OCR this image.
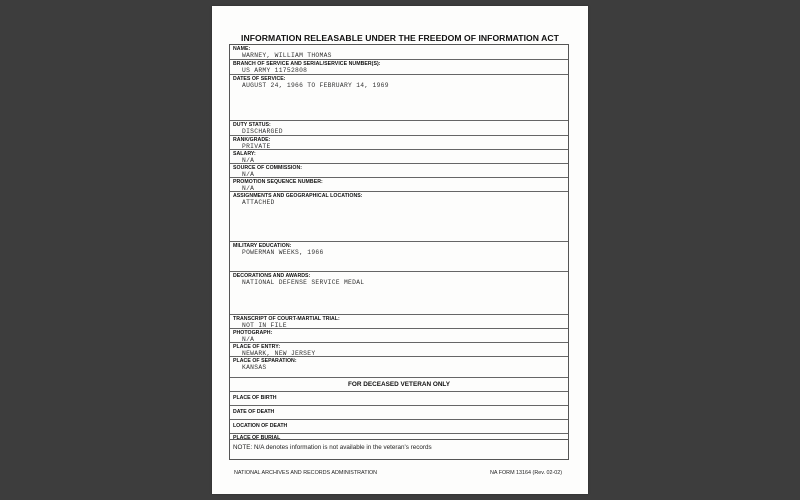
INFORMATION RELEASABLE UNDER THE FREEDOM OF INFORMATION ACT
NAME:
WARNEY, WILLIAM THOMAS
BRANCH OF SERVICE AND SERIAL/SERVICE NUMBER(S):
US ARMY 11752808
DATES OF SERVICE:
AUGUST 24, 1966 TO FEBRUARY 14, 1969
DUTY STATUS:
DISCHARGED
RANK/GRADE:
PRIVATE
SALARY:
N/A
SOURCE OF COMMISSION:
N/A
PROMOTION SEQUENCE NUMBER:
N/A
ASSIGNMENTS AND GEOGRAPHICAL LOCATIONS:
ATTACHED
MILITARY EDUCATION:
POWERMAN WEEKS, 1966
DECORATIONS AND AWARDS:
NATIONAL DEFENSE SERVICE MEDAL
TRANSCRIPT OF COURT-MARTIAL TRIAL:
NOT IN FILE
PHOTOGRAPH:
N/A
PLACE OF ENTRY:
NEWARK, NEW JERSEY
PLACE OF SEPARATION:
KANSAS
FOR DECEASED VETERAN ONLY
PLACE OF BIRTH
DATE OF DEATH
LOCATION OF DEATH
PLACE OF BURIAL
NOTE: N/A denotes information is not available in the veteran's records
NATIONAL ARCHIVES AND RECORDS ADMINISTRATION	NA FORM 13164 (Rev. 02-02)
